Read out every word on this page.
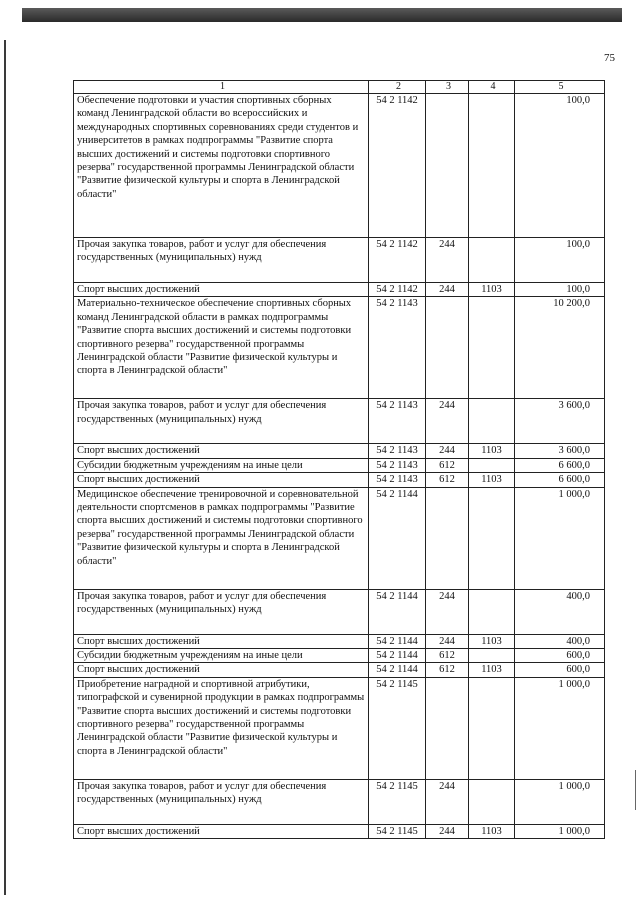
75
1	2	3	4	5
Обеспечение подготовки и участия спортивных сборных команд Ленинградской области во всероссийских и международных спортивных соревнованиях среди студентов и университетов в рамках подпрограммы "Развитие спорта высших достижений и системы подготовки спортивного резерва" государственной программы Ленинградской области "Развитие физической культуры и спорта в Ленинградской области"	54 2 1142			100,0
Прочая закупка товаров, работ и услуг для обеспечения государственных (муниципальных) нужд	54 2 1142	244		100,0
Спорт высших достижений	54 2 1142	244	1103	100,0
Материально-техническое обеспечение спортивных сборных команд Ленинградской области в рамках подпрограммы "Развитие спорта высших достижений и системы подготовки спортивного резерва" государственной программы Ленинградской области "Развитие физической культуры и спорта в Ленинградской области"	54 2 1143			10 200,0
Прочая закупка товаров, работ и услуг для обеспечения государственных (муниципальных) нужд	54 2 1143	244		3 600,0
Спорт высших достижений	54 2 1143	244	1103	3 600,0
Субсидии бюджетным учреждениям на иные цели	54 2 1143	612		6 600,0
Спорт высших достижений	54 2 1143	612	1103	6 600,0
Медицинское обеспечение тренировочной и соревновательной деятельности спортсменов в рамках подпрограммы "Развитие спорта высших достижений и системы подготовки спортивного резерва" государственной программы Ленинградской области "Развитие физической культуры и спорта в Ленинградской области"	54 2 1144			1 000,0
Прочая закупка товаров, работ и услуг для обеспечения государственных (муниципальных) нужд	54 2 1144	244		400,0
Спорт высших достижений	54 2 1144	244	1103	400,0
Субсидии бюджетным учреждениям на иные цели	54 2 1144	612		600,0
Спорт высших достижений	54 2 1144	612	1103	600,0
Приобретение наградной и спортивной атрибутики, типографской и сувенирной продукции в рамках подпрограммы "Развитие спорта высших достижений и системы подготовки спортивного резерва" государственной программы Ленинградской области "Развитие физической культуры и спорта в Ленинградской области"	54 2 1145			1 000,0
Прочая закупка товаров, работ и услуг для обеспечения государственных (муниципальных) нужд	54 2 1145	244		1 000,0
Спорт высших достижений	54 2 1145	244	1103	1 000,0
